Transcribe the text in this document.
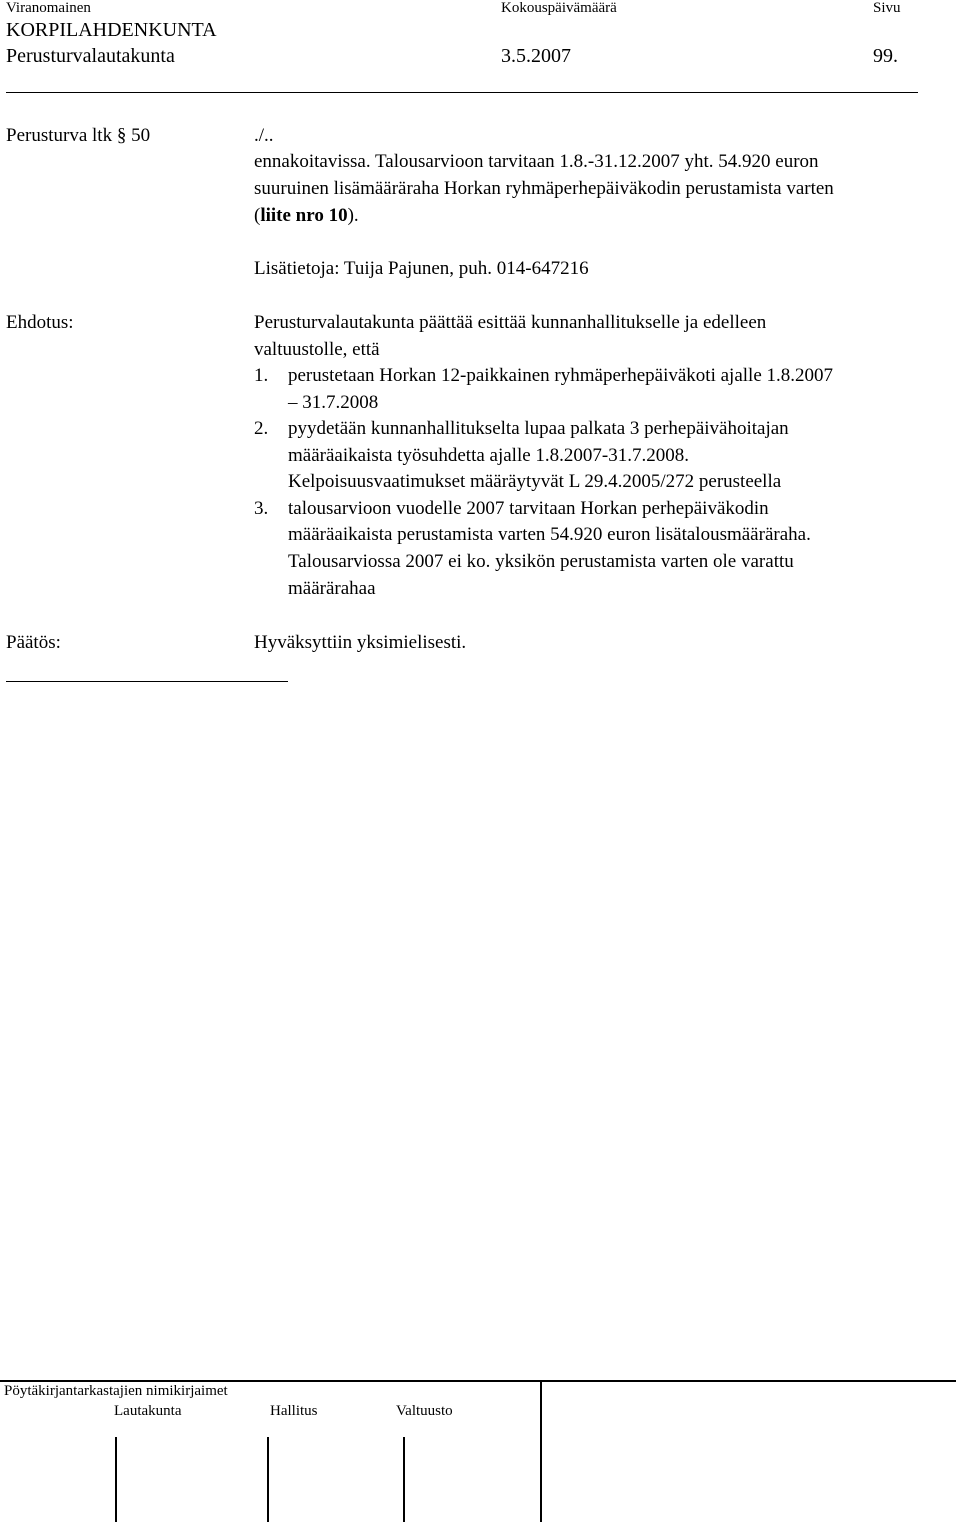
Viranomainen	Kokouspäivämäärä	Sivu
KORPILAHDENKUNTA
Perusturvalautakunta	3.5.2007	99.
Perusturva ltk § 50	./..
ennakoitavissa. Talousarvioon tarvitaan 1.8.-31.12.2007 yht. 54.920 euron
suuruinen lisämääräraha Horkan ryhmäperhepäiväkodin perustamista varten
(liite nro 10).
Lisätietoja: Tuija Pajunen, puh. 014-647216
Ehdotus:	Perusturvalautakunta päättää esittää kunnanhallitukselle ja edelleen
valtuustolle, että
1. perustetaan Horkan 12-paikkainen ryhmäperhepäiväkoti ajalle 1.8.2007
– 31.7.2008
2. pyydetään kunnanhallitukselta lupaa palkata 3 perhepäivähoitajan
määräaikaista työsuhdetta ajalle 1.8.2007-31.7.2008.
Kelpoisuusvaatimukset määräytyvät L 29.4.2005/272 perusteella
3. talousarvioon vuodelle 2007 tarvitaan Horkan perhepäiväkodin
määräaikaista perustamista varten 54.920 euron lisätalousmääräraha.
Talousarviossa 2007 ei ko. yksikön perustamista varten ole varattu
määrärahaa
Päätös:	Hyväksyttiin yksimielisesti.
Pöytäkirjantarkastajien nimikirjaimet
Lautakunta	Hallitus	Valtuusto
